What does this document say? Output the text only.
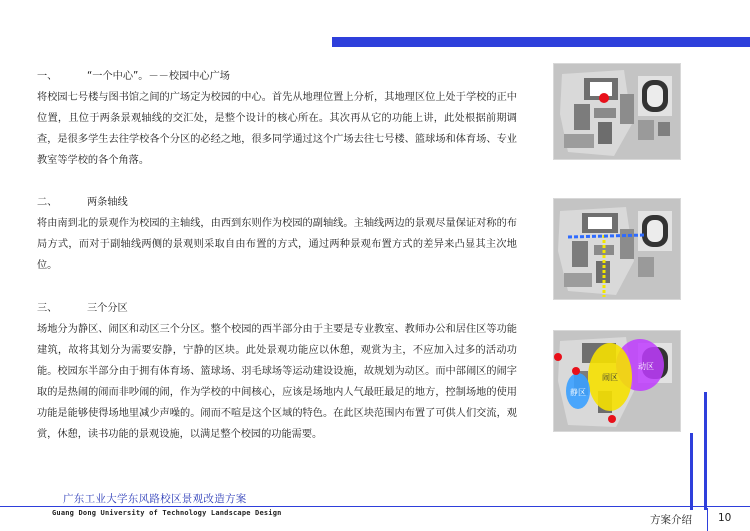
一、	“一个中心”。－－校园中心广场

将校园七号楼与图书馆之间的广场定为校园的中心。首先从地理位置上分析，其地理区位上处于学校的正中位置，且位于两条景观轴线的交汇处，是整个设计的核心所在。其次再从它的功能上讲，此处根据前期调查，是很多学生去往学校各个分区的必经之地，很多同学通过这个广场去往七号楼、篮球场和体育场、专业教室等学校的各个角落。

二、	两条轴线

将由南到北的景观作为校园的主轴线，由西到东则作为校园的副轴线。主轴线两边的景观尽量保证对称的布局方式，而对于副轴线两侧的景观则采取自由布置的方式，通过两种景观布置方式的差异来凸显其主次地位。

三、	三个分区

场地分为静区、闹区和动区三个分区。整个校园的西半部分由于主要是专业教室、教师办公和居住区等功能建筑，故将其划分为需要安静，宁静的区块。此处景观功能应以休憩，观赏为主，不应加入过多的活动功能。校园东半部分由于拥有体育场、篮球场、羽毛球场等运动建设设施，故规划为动区。而中部闹区的闹字取的是热闹的闹而非吵闹的闹，作为学校的中间核心，应该是场地内人气最旺最足的地方，控制场地的使用功能是能够使得场地里减少声噪的。闹而不喧是这个区域的特色。在此区块范围内布置了可供人们交流，观赏，休憩，读书功能的景观设施，以满足整个校园的功能需要。

静区
闹区
动区
广东工业大学东风路校区景观改造方案
Guang Dong University of Technology Landscape Design
方案介绍 10
